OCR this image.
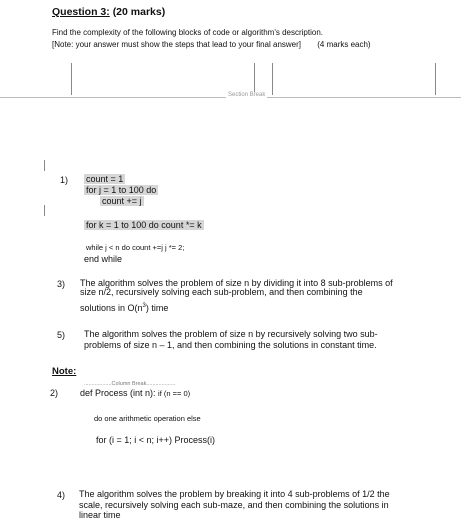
Question 3: (20 marks)
Find the complexity of the following blocks of code or algorithm's description.
[Note: your answer must show the steps that lead to your final answer] (4 marks each)
Section Break
1) count = 1
for j = 1 to 100 do
count += j
for k = 1 to 100 do count *= k
while j < n do count +=j j *= 2;
end while
3) The algorithm solves the problem of size n by dividing it into 8 sub-problems of
size n/2, recursively solving each sub-problem, and then combining the
solutions in $O(n^3)$ time
5) The algorithm solves the problem of size n by recursively solving two sub-
problems of size n – 1, and then combining the solutions in constant time.
Note:
..................Column Break...................
2) def Process (int n): if (n == 0)
do one arithmetic operation else
for (i = 1; i < n; i++) Process(i)
4) The algorithm solves the problem by breaking it into 4 sub-problems of 1/2 the
scale, recursively solving each sub-maze, and then combining the solutions in
linear time
